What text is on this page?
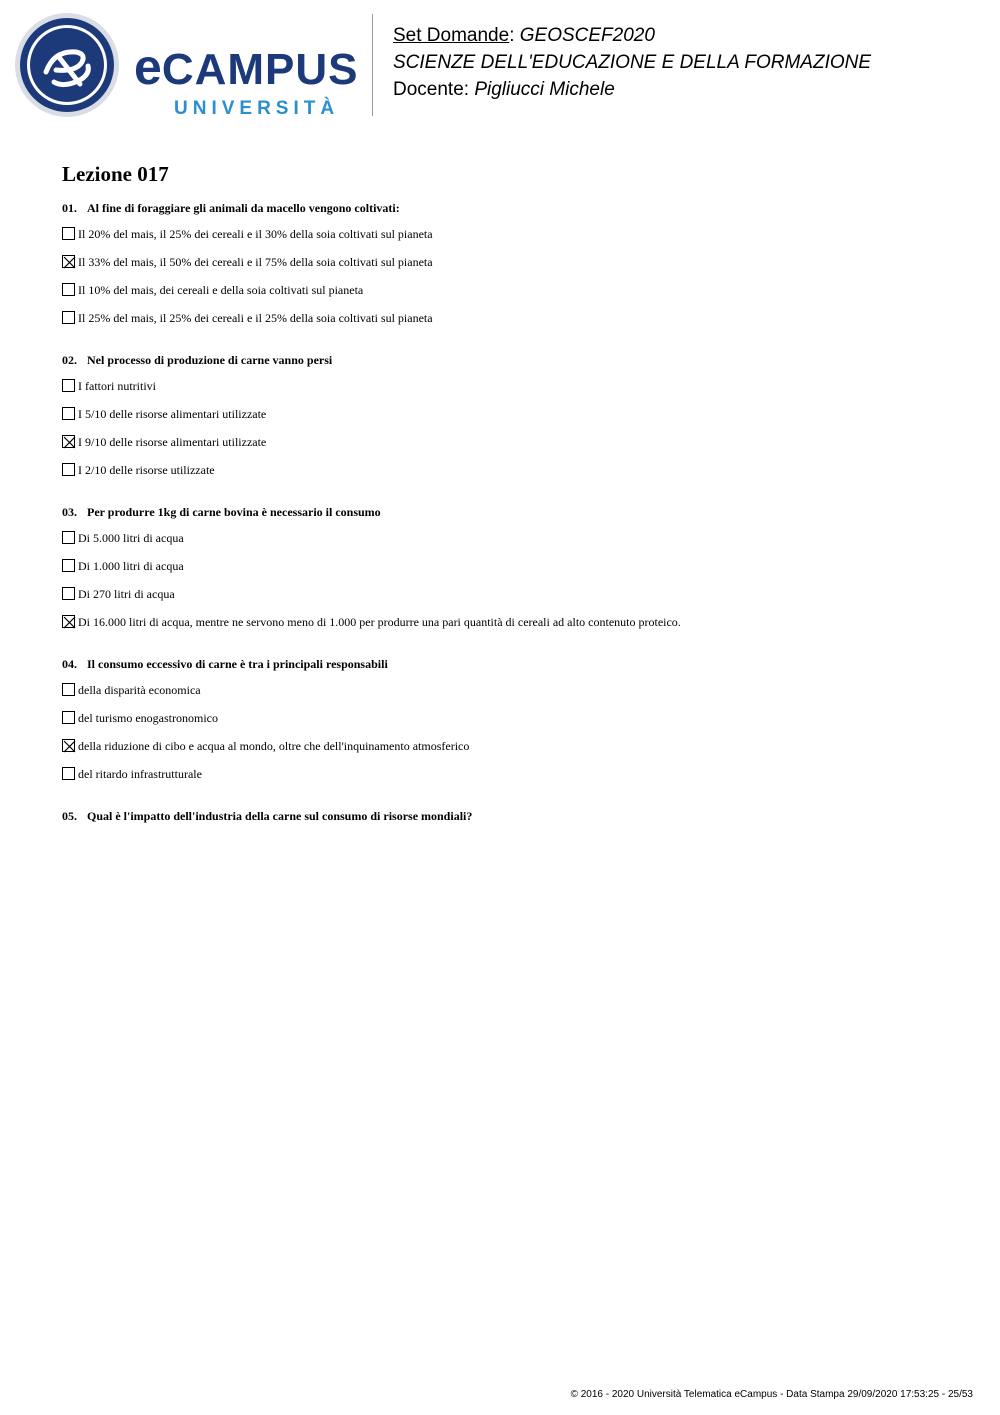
eCAMPUS
UNIVERSITÀ
Set Domande: GEOSCEF2020
SCIENZE DELL'EDUCAZIONE E DELLA FORMAZIONE
Docente: Pigliucci Michele
Lezione 017
01. Al fine di foraggiare gli animali da macello vengono coltivati:
Il 20% del mais, il 25% dei cereali e il 30% della soia coltivati sul pianeta
Il 33% del mais, il 50% dei cereali e il 75% della soia coltivati sul pianeta
Il 10% del mais, dei cereali e della soia coltivati sul pianeta
Il 25% del mais, il 25% dei cereali e il 25% della soia coltivati sul pianeta
02. Nel processo di produzione di carne vanno persi
I fattori nutritivi
I 5/10 delle risorse alimentari utilizzate
I 9/10 delle risorse alimentari utilizzate
I 2/10 delle risorse utilizzate
03. Per produrre 1kg di carne bovina è necessario il consumo
Di 5.000 litri di acqua
Di 1.000 litri di acqua
Di 270 litri di acqua
Di 16.000 litri di acqua, mentre ne servono meno di 1.000 per produrre una pari quantità di cereali ad alto contenuto proteico.
04. Il consumo eccessivo di carne è tra i principali responsabili
della disparità economica
del turismo enogastronomico
della riduzione di cibo e acqua al mondo, oltre che dell'inquinamento atmosferico
del ritardo infrastrutturale
05. Qual è l'impatto dell'industria della carne sul consumo di risorse mondiali?
© 2016 - 2020 Università Telematica eCampus - Data Stampa 29/09/2020 17:53:25 - 25/53
